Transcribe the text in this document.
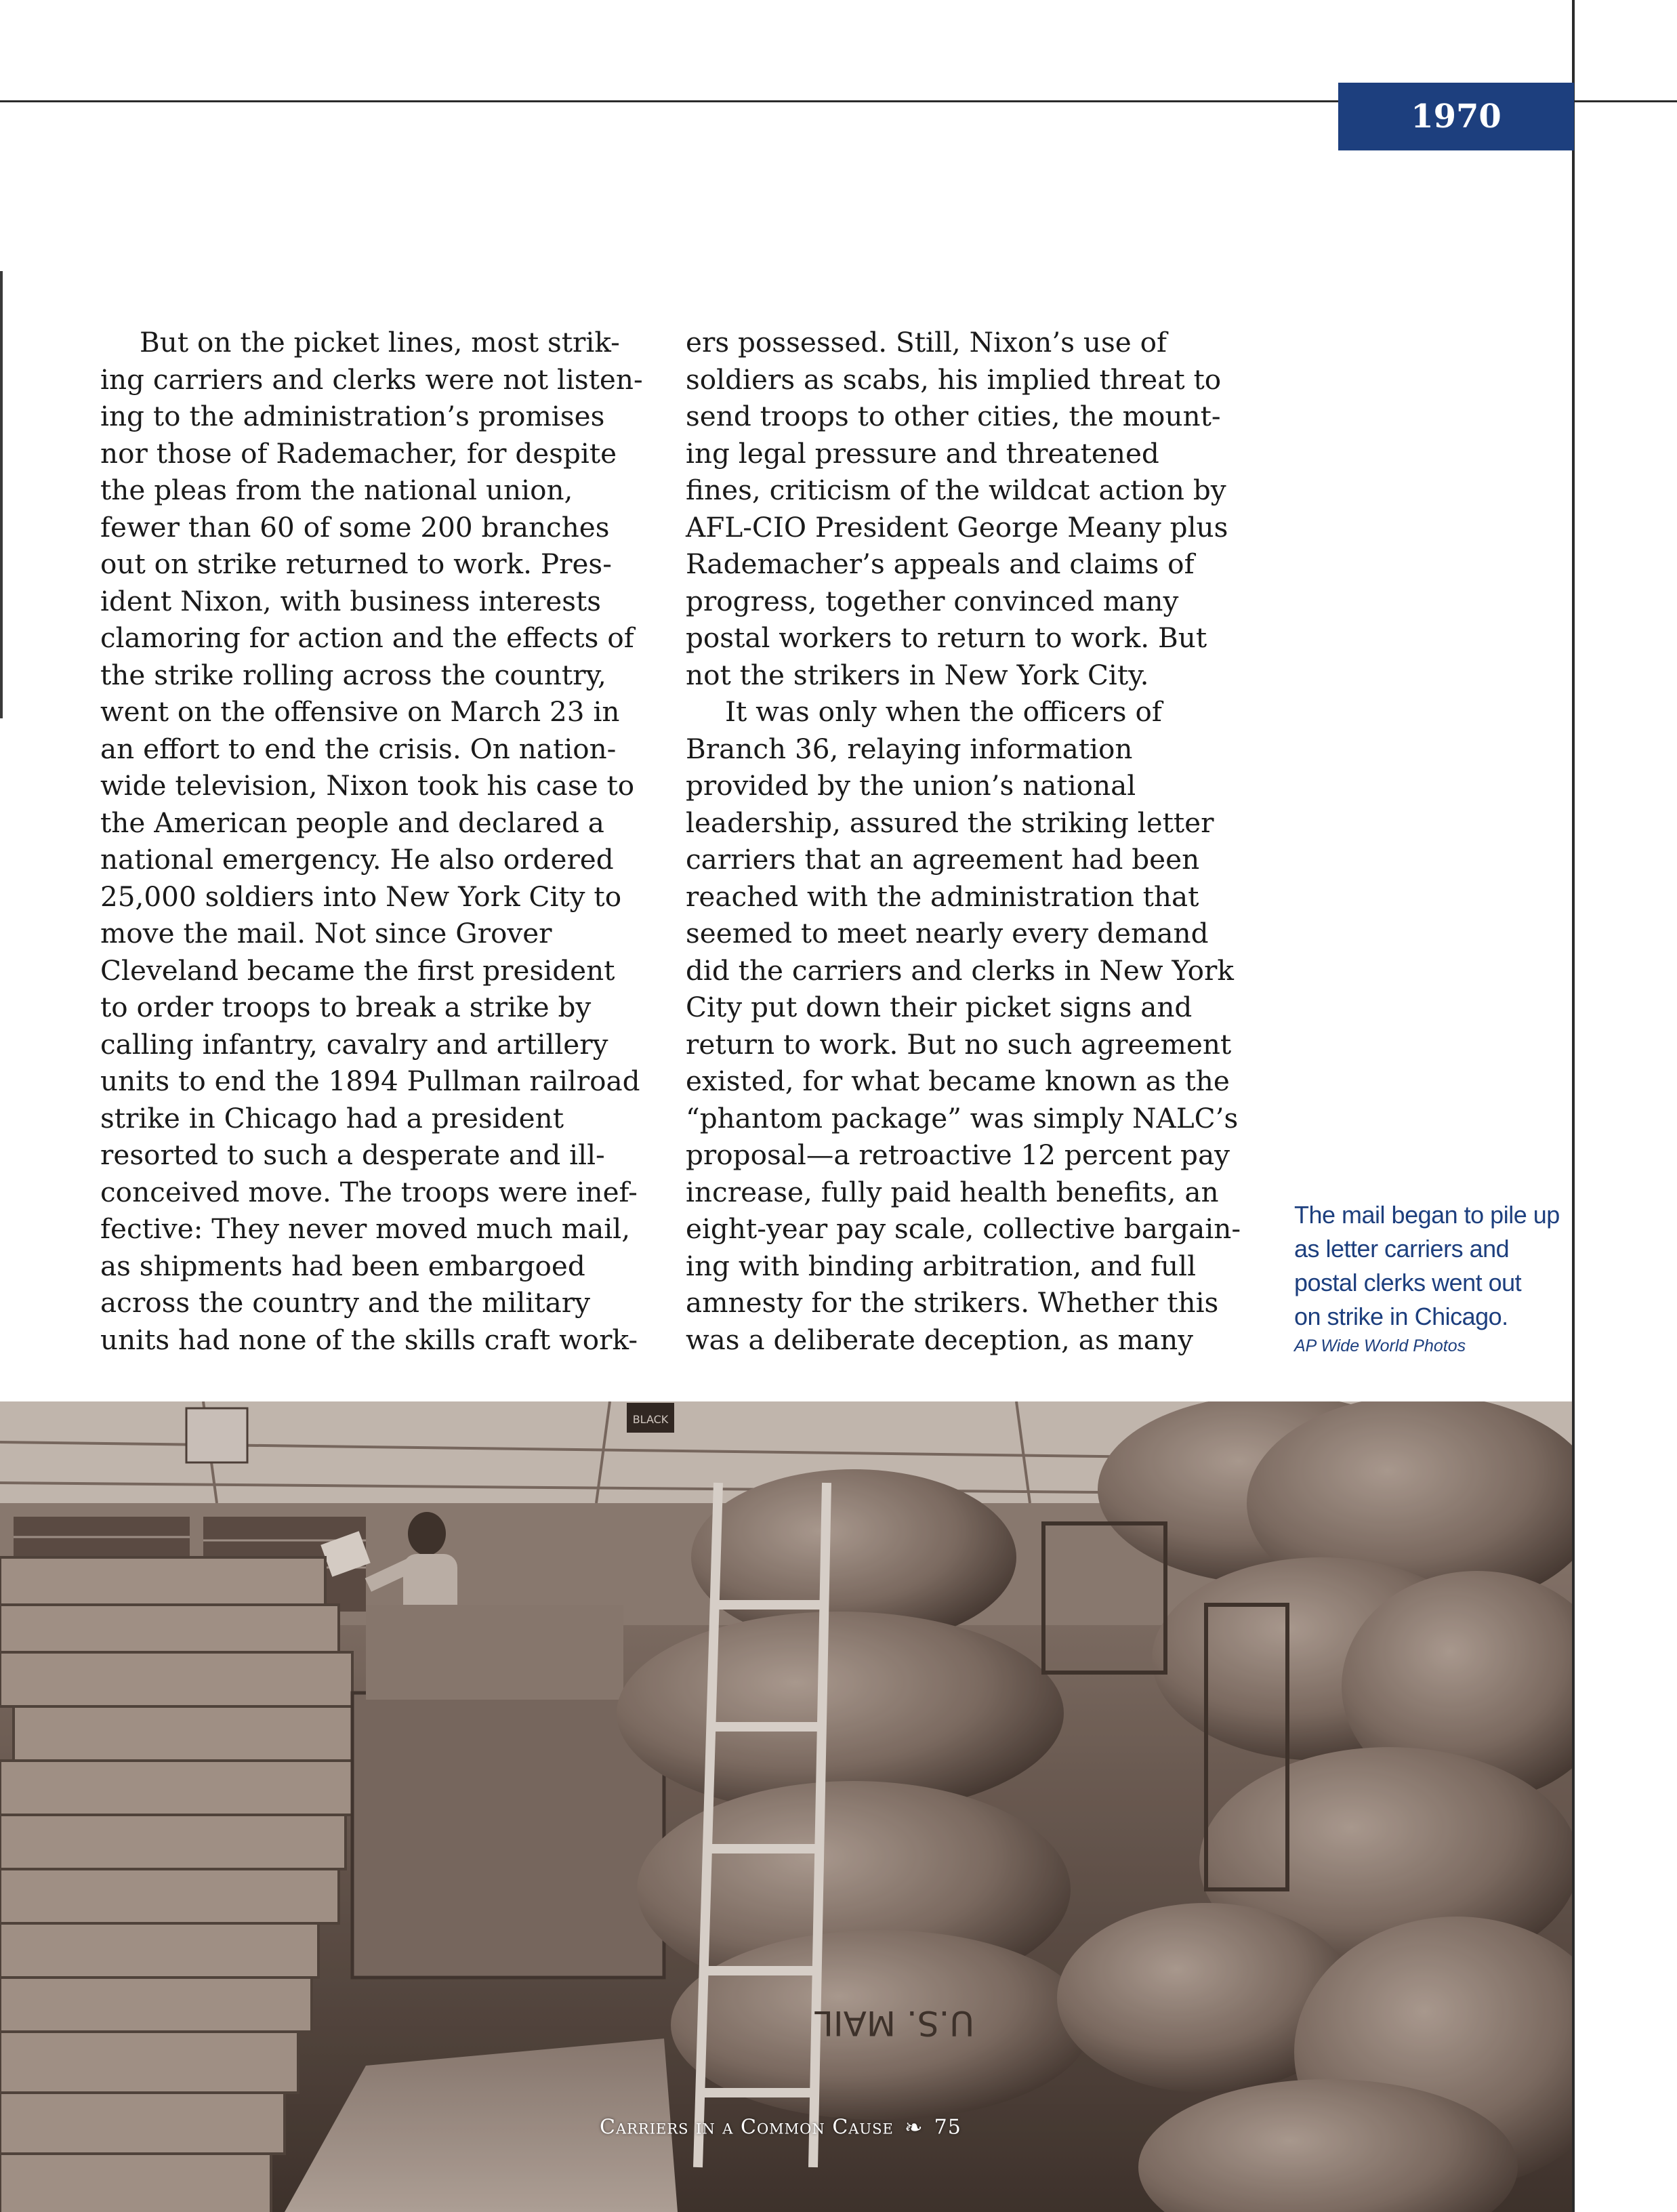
1970

But on the picket lines, most strik-

ing carriers and clerks were not listen-

ing to the administration’s promises

nor those of Rademacher, for despite

the pleas from the national union,

fewer than 60 of some 200 branches

out on strike returned to work. Pres-

ident Nixon, with business interests

clamoring for action and the effects of

the strike rolling across the country,

went on the offensive on March 23 in

an effort to end the crisis. On nation-

wide television, Nixon took his case to

the American people and declared a

national emergency. He also ordered

25,000 soldiers into New York City to

move the mail. Not since Grover

Cleveland became the first president

to order troops to break a strike by

calling infantry, cavalry and artillery

units to end the 1894 Pullman railroad

strike in Chicago had a president

resorted to such a desperate and ill-

conceived move. The troops were inef-

fective: They never moved much mail,

as shipments had been embargoed

across the country and the military

units had none of the skills craft work-

ers possessed. Still, Nixon’s use of

soldiers as scabs, his implied threat to

send troops to other cities, the mount-

ing legal pressure and threatened

fines, criticism of the wildcat action by

AFL-CIO President George Meany plus

Rademacher’s appeals and claims of

progress, together convinced many

postal workers to return to work. But

not the strikers in New York City.

It was only when the officers of

Branch 36, relaying information

provided by the union’s national

leadership, assured the striking letter

carriers that an agreement had been

reached with the administration that

seemed to meet nearly every demand

did the carriers and clerks in New York

City put down their picket signs and

return to work. But no such agreement

existed, for what became known as the

“phantom package” was simply NALC’s

proposal—a retroactive 12 percent pay

increase, fully paid health benefits, an

eight-year pay scale, collective bargain-

ing with binding arbitration, and full

amnesty for the strikers. Whether this

was a deliberate deception, as many

The mail began to pile up
as letter carriers and
postal clerks went out
on strike in Chicago.
AP Wide World Photos
BLACK
U.S. MAIL
Carriers in a Common Cause ❧ 75
